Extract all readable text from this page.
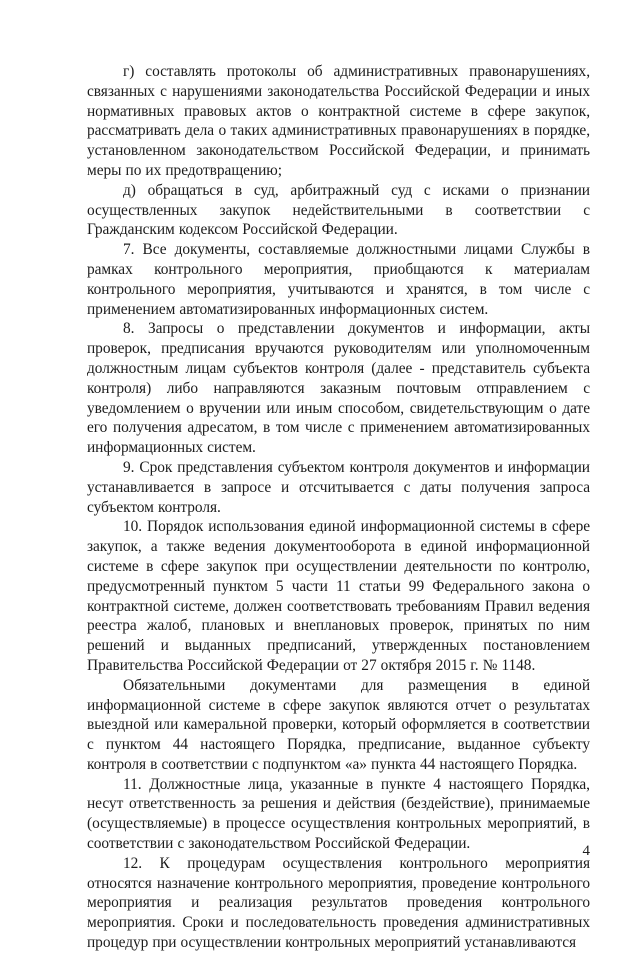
г) составлять протоколы об административных правонарушениях, связанных с нарушениями законодательства Российской Федерации и иных нормативных правовых актов о контрактной системе в сфере закупок, рассматривать дела о таких административных правонарушениях в порядке, установленном законодательством Российской Федерации, и принимать меры по их предотвращению;

д) обращаться в суд, арбитражный суд с исками о признании осуществленных закупок недействительными в соответствии с Гражданским кодексом Российской Федерации.

7. Все документы, составляемые должностными лицами Службы в рамках контрольного мероприятия, приобщаются к материалам контрольного мероприятия, учитываются и хранятся, в том числе с применением автоматизированных информационных систем.

8. Запросы о представлении документов и информации, акты проверок, предписания вручаются руководителям или уполномоченным должностным лицам субъектов контроля (далее - представитель субъекта контроля) либо направляются заказным почтовым отправлением с уведомлением о вручении или иным способом, свидетельствующим о дате его получения адресатом, в том числе с применением автоматизированных информационных систем.

9. Срок представления субъектом контроля документов и информации устанавливается в запросе и отсчитывается с даты получения запроса субъектом контроля.

10. Порядок использования единой информационной системы в сфере закупок, а также ведения документооборота в единой информационной системе в сфере закупок при осуществлении деятельности по контролю, предусмотренный пунктом 5 части 11 статьи 99 Федерального закона о контрактной системе, должен соответствовать требованиям Правил ведения реестра жалоб, плановых и внеплановых проверок, принятых по ним решений и выданных предписаний, утвержденных постановлением Правительства Российской Федерации от 27 октября 2015 г. № 1148.

Обязательными документами для размещения в единой информационной системе в сфере закупок являются отчет о результатах выездной или камеральной проверки, который оформляется в соответствии с пунктом 44 настоящего Порядка, предписание, выданное субъекту контроля в соответствии с подпунктом «а» пункта 44 настоящего Порядка.

11. Должностные лица, указанные в пункте 4 настоящего Порядка, несут ответственность за решения и действия (бездействие), принимаемые (осуществляемые) в процессе осуществления контрольных мероприятий, в соответствии с законодательством Российской Федерации.

12. К процедурам осуществления контрольного мероприятия относятся назначение контрольного мероприятия, проведение контрольного мероприятия и реализация результатов проведения контрольного мероприятия. Сроки и последовательность проведения административных процедур при осуществлении контрольных мероприятий устанавливаются

4
